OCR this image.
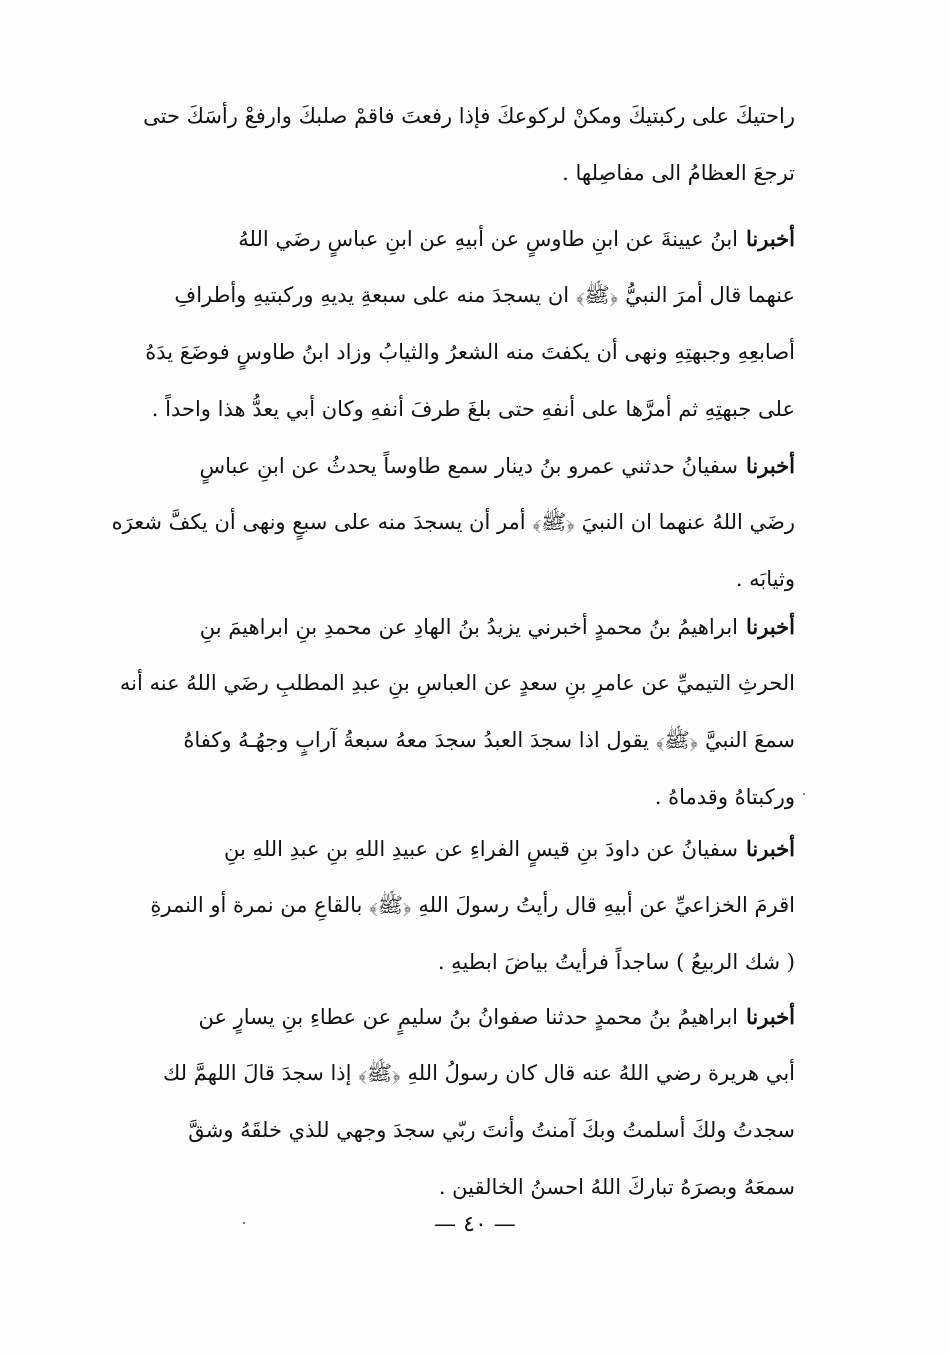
راحتيكَ على ركبتيكَ ومكنْ لركوعكَ فإذا رفعتَ فاقمْ صلبكَ وارفعْ رأسَكَ حتى
ترجعَ العظامُ الى مفاصِلها .
أخبرناابنُ عيينةَ عن ابنِ طاوسٍ عن أبيهِ عن ابنِ عباسٍ رضَي اللهُ
عنهما قال أمرَ النبيُّ ﴿ﷺ﴾ ان يسجدَ منه على سبعةِ يديهِ وركبتيهِ وأطرافِ
أصابعِهِ وجبهتِهِ ونهى أن يكفتَ منه الشعرُ والثيابُ وزاد ابنُ طاوسٍ فوضَعَ يدَهُ
على جبهتِهِ ثم أمرَّها على أنفهِ حتى بلغَ طرفَ أنفهِ وكان أبي يعدُّ هذا واحداً .
أخبرناسفيانُ حدثني عمرو بنُ دينار سمع طاوساً يحدثُ عن ابنِ عباسٍ
رضَي اللهُ عنهما ان النبيَ ﴿ﷺ﴾ أمر أن يسجدَ منه على سبعٍ ونهى أن يكفَّ شعرَه
وثيابَه .
أخبرناابراهيمُ بنُ محمدٍ أخبرني يزيدُ بنُ الهادِ عن محمدِ بنِ ابراهيمَ بنِ
الحرثِ التيميِّ عن عامرِ بنِ سعدٍ عن العباسِ بنِ عبدِ المطلبِ رضَي اللهُ عنه أنه
سمعَ النبيَّ ﴿ﷺ﴾ يقول اذا سجدَ العبدُ سجدَ معهُ سبعةُ آرابٍ وجهُـهُ وكفاهُ
وركبتاهُ وقدماهُ .
أخبرناسفيانُ عن داودَ بنِ قيسٍ الفراءِ عن عبيدِ اللهِ بنِ عبدِ اللهِ بنِ
اقرمَ الخزاعيِّ عن أبيهِ قال رأيتُ رسولَ اللهِ ﴿ﷺ﴾ بالقاعِ من نمرة أو النمرةِ
( شك الربيعُ ) ساجداً فرأيتُ بياضَ ابطيهِ .
أخبرناابراهيمُ بنُ محمدٍ حدثنا صفوانُ بنُ سليمٍ عن عطاءِ بنِ يسارٍ عن
أبي هريرة رضي اللهُ عنه قال كان رسولُ اللهِ ﴿ﷺ﴾ إذا سجدَ قالَ اللهمَّ لك
سجدتُ ولكَ أسلمتُ وبكَ آمنتُ وأنتَ ربّي سجدَ وجهي للذي خلقَهُ وشقَّ
سمعَهُ وبصرَهُ تباركَ اللهُ احسنُ الخالقين .
— ٤٠ —
